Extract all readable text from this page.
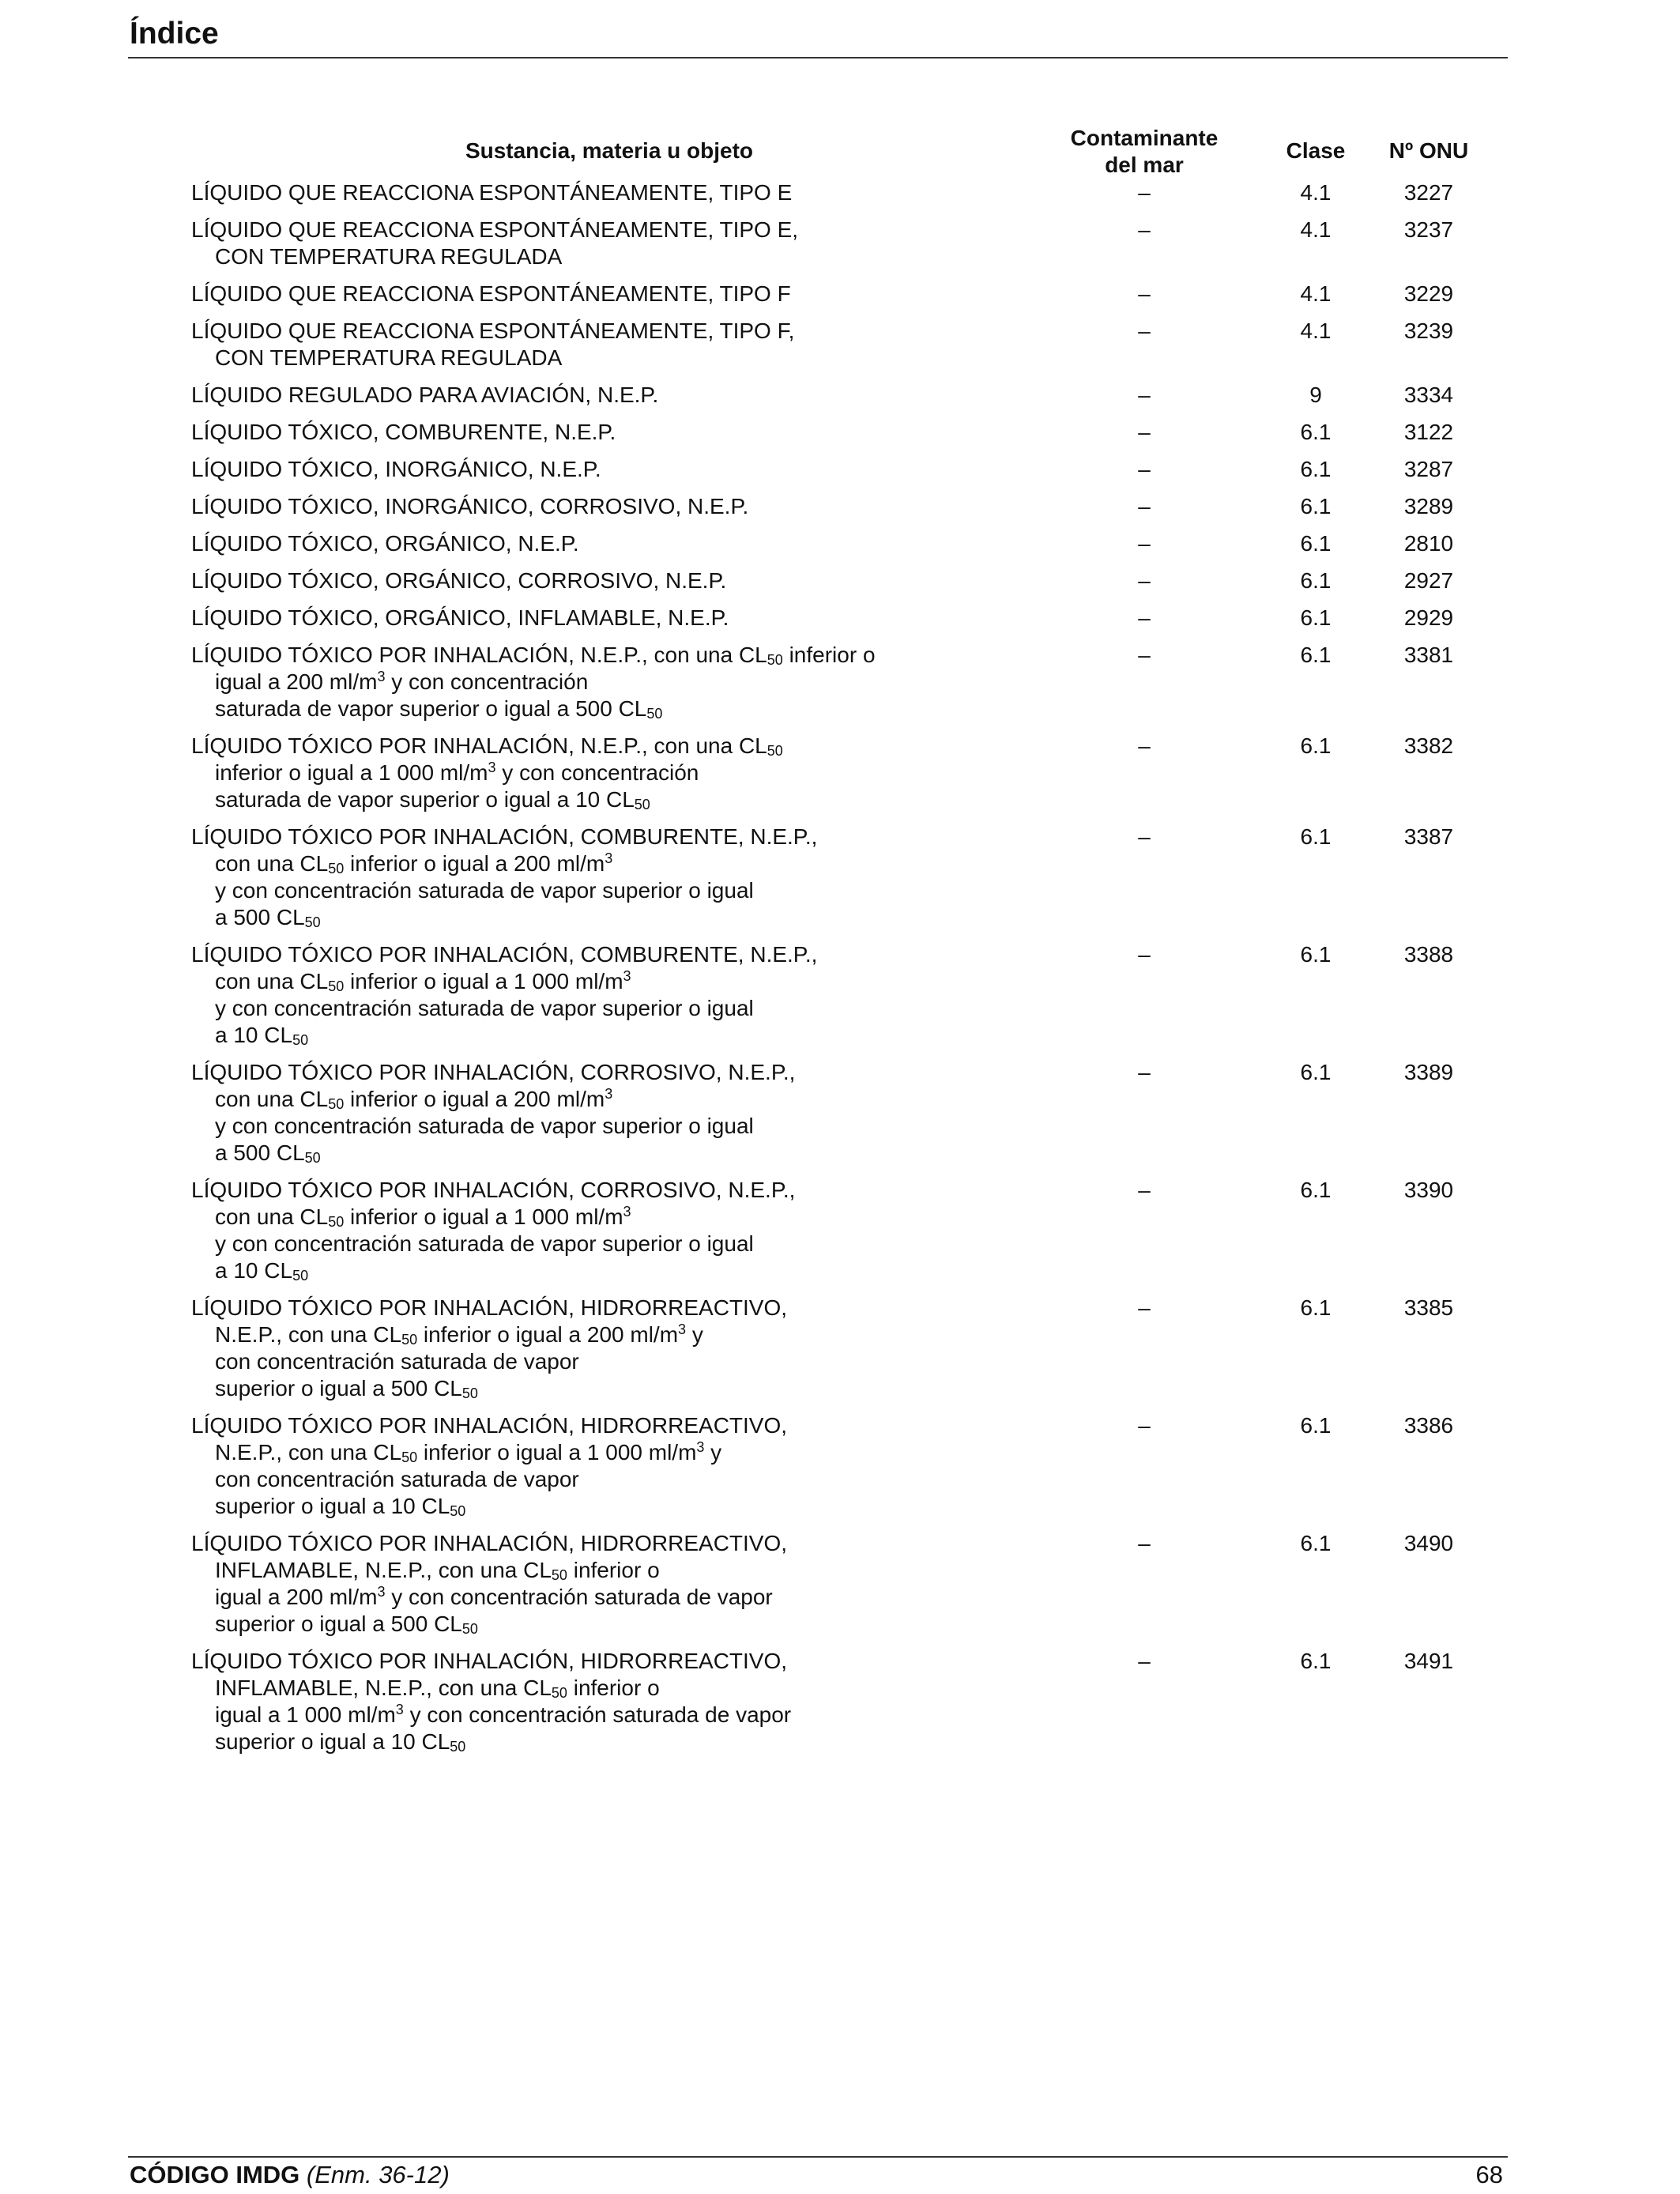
Índice
Sustancia, materia u objeto
Contaminante
del mar
Clase	Nº ONU
LÍQUIDO QUE REACCIONA ESPONTÁNEAMENTE, TIPO E	–	4.1	3227
LÍQUIDO QUE REACCIONA ESPONTÁNEAMENTE, TIPO E,
CON TEMPERATURA REGULADA
–	4.1	3237
LÍQUIDO QUE REACCIONA ESPONTÁNEAMENTE, TIPO F	–	4.1	3229
LÍQUIDO QUE REACCIONA ESPONTÁNEAMENTE, TIPO F,
CON TEMPERATURA REGULADA
–	4.1	3239
LÍQUIDO REGULADO PARA AVIACIÓN, N.E.P.	–	9	3334
LÍQUIDO TÓXICO, COMBURENTE, N.E.P.	–	6.1	3122
LÍQUIDO TÓXICO, INORGÁNICO, N.E.P.	–	6.1	3287
LÍQUIDO TÓXICO, INORGÁNICO, CORROSIVO, N.E.P.	–	6.1	3289
LÍQUIDO TÓXICO, ORGÁNICO, N.E.P.	–	6.1	2810
LÍQUIDO TÓXICO, ORGÁNICO, CORROSIVO, N.E.P.	–	6.1	2927
LÍQUIDO TÓXICO, ORGÁNICO, INFLAMABLE, N.E.P.	–	6.1	2929
LÍQUIDO TÓXICO POR INHALACIÓN, N.E.P., con una $CL_{50}$ inferior o
igual a 200 $ml/m^3$ y con concentración
saturada de vapor superior o igual a 500 $CL_{50}$
–	6.1	3381
LÍQUIDO TÓXICO POR INHALACIÓN, N.E.P., con una $CL_{50}$
inferior o igual a 1 000 $ml/m^3$ y con concentración
saturada de vapor superior o igual a 10 $CL_{50}$
–	6.1	3382
LÍQUIDO TÓXICO POR INHALACIÓN, COMBURENTE, N.E.P.,
con una $CL_{50}$ inferior o igual a 200 $ml/m^3$
y con concentración saturada de vapor superior o igual
a 500 $CL_{50}$
–	6.1	3387
LÍQUIDO TÓXICO POR INHALACIÓN, COMBURENTE, N.E.P.,
con una $CL_{50}$ inferior o igual a 1 000 $ml/m^3$
y con concentración saturada de vapor superior o igual
a 10 $CL_{50}$
–	6.1	3388
LÍQUIDO TÓXICO POR INHALACIÓN, CORROSIVO, N.E.P.,
con una $CL_{50}$ inferior o igual a 200 $ml/m^3$
y con concentración saturada de vapor superior o igual
a 500 $CL_{50}$
–	6.1	3389
LÍQUIDO TÓXICO POR INHALACIÓN, CORROSIVO, N.E.P.,
con una $CL_{50}$ inferior o igual a 1 000 $ml/m^3$
y con concentración saturada de vapor superior o igual
a 10 $CL_{50}$
–	6.1	3390
LÍQUIDO TÓXICO POR INHALACIÓN, HIDRORREACTIVO,
N.E.P., con una $CL_{50}$ inferior o igual a 200 $ml/m^3$ y
con concentración saturada de vapor
superior o igual a 500 $CL_{50}$
–	6.1	3385
LÍQUIDO TÓXICO POR INHALACIÓN, HIDRORREACTIVO,
N.E.P., con una $CL_{50}$ inferior o igual a 1 000 $ml/m^3$ y
con concentración saturada de vapor
superior o igual a 10 $CL_{50}$
–	6.1	3386
LÍQUIDO TÓXICO POR INHALACIÓN, HIDRORREACTIVO,
INFLAMABLE, N.E.P., con una $CL_{50}$ inferior o
igual a 200 $ml/m^3$ y con concentración saturada de vapor
superior o igual a 500 $CL_{50}$
–	6.1	3490
LÍQUIDO TÓXICO POR INHALACIÓN, HIDRORREACTIVO,
INFLAMABLE, N.E.P., con una $CL_{50}$ inferior o
igual a 1 000 $ml/m^3$ y con concentración saturada de vapor
superior o igual a 10 $CL_{50}$
–	6.1	3491
CÓDIGO IMDG (Enm. 36-12)	68
